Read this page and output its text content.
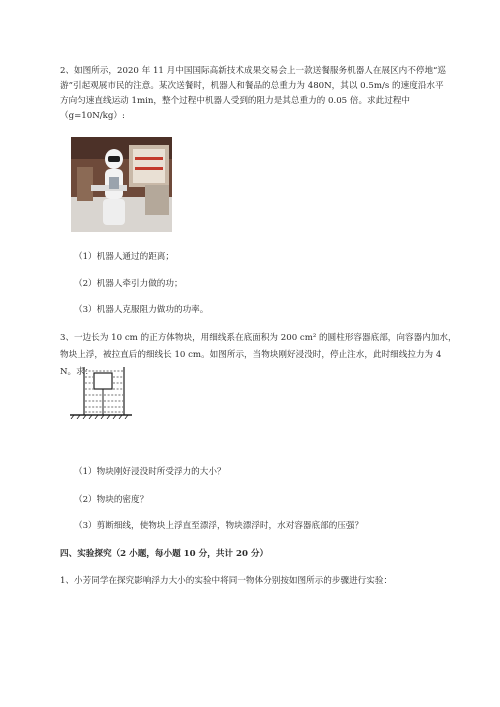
2、如图所示，2020 年 11 月中国国际高新技术成果交易会上一款送餐服务机器人在展区内不停地“巡
游”引起观展市民的注意。某次送餐时，机器人和餐品的总重力为 480N，其以 0.5m/s 的速度沿水平
方向匀速直线运动 1min，整个过程中机器人受到的阻力是其总重力的 0.05 倍。求此过程中
（g=10N/kg）:
（1）机器人通过的距离；
（2）机器人牵引力做的功；
（3）机器人克服阻力做功的功率。
3、一边长为 10 cm 的正方体物块，用细线系在底面积为 200 cm² 的圆柱形容器底部，向容器内加水，
物块上浮，被拉直后的细线长 10 cm。如图所示，当物块刚好浸没时，停止注水，此时细线拉力为 4
N。求：
（1）物块刚好浸没时所受浮力的大小？
（2）物块的密度？
（3）剪断细线，使物块上浮直至漂浮，物块漂浮时，水对容器底部的压强？
四、实验探究（2 小题，每小题 10 分，共计 20 分）
1、小芳同学在探究影响浮力大小的实验中将同一物体分别按如图所示的步骤进行实验：
